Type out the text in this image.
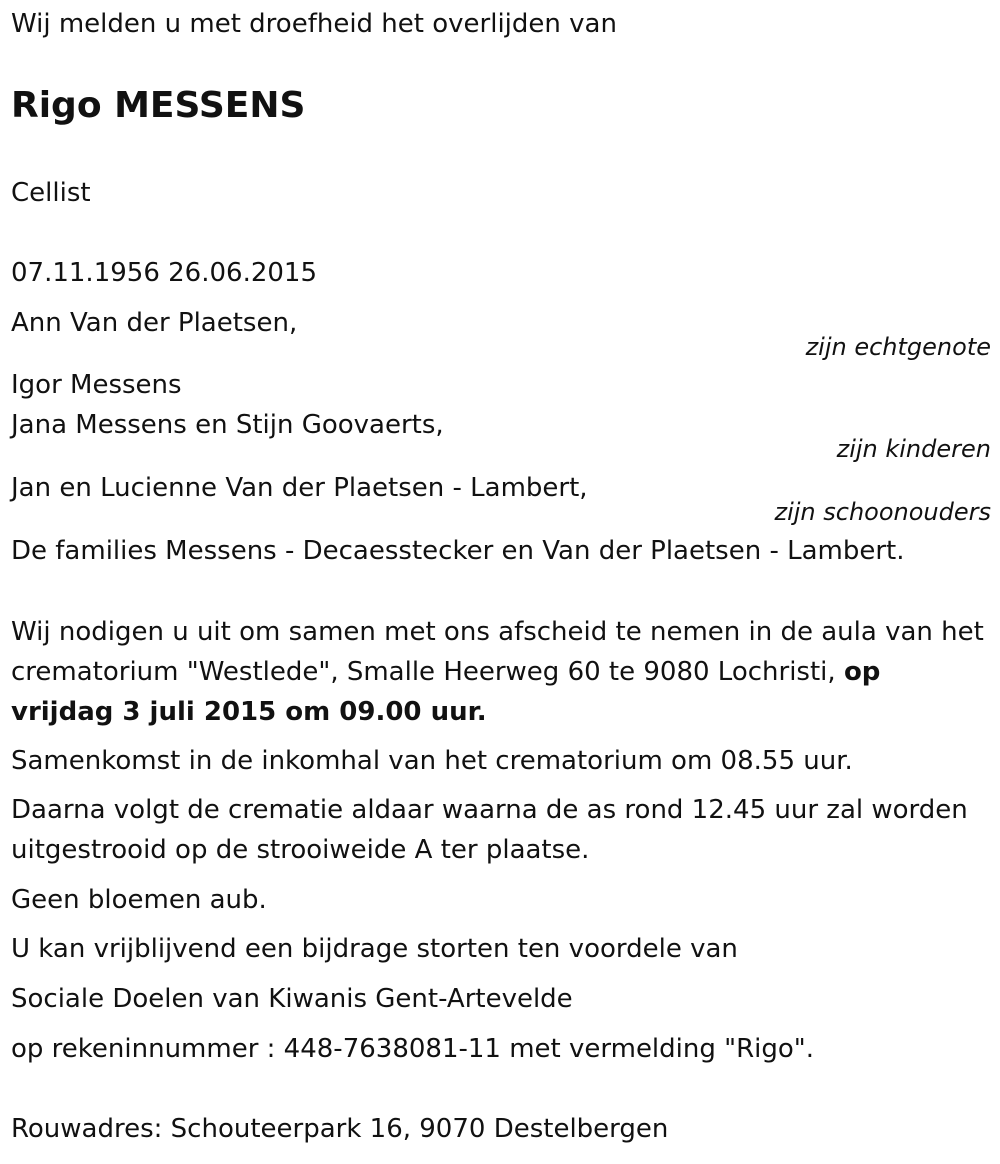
Wij melden u met droefheid het overlijden van
Rigo MESSENS
Cellist
07.11.1956 26.06.2015
Ann Van der Plaetsen,
zijn echtgenote
Igor Messens
Jana Messens en Stijn Goovaerts,
zijn kinderen
Jan en Lucienne Van der Plaetsen - Lambert,
zijn schoonouders
De families Messens - Decaesstecker en Van der Plaetsen - Lambert.
Wij nodigen u uit om samen met ons afscheid te nemen in de aula van het crematorium "Westlede", Smalle Heerweg 60 te 9080 Lochristi, op vrijdag 3 juli 2015 om 09.00 uur.
Samenkomst in de inkomhal van het crematorium om 08.55 uur.
Daarna volgt de crematie aldaar waarna de as rond 12.45 uur zal worden uitgestrooid op de strooiweide A ter plaatse.
Geen bloemen aub.
U kan vrijblijvend een bijdrage storten ten voordele van
Sociale Doelen van Kiwanis Gent-Artevelde
op rekeninnummer : 448-7638081-11 met vermelding "Rigo".
Rouwadres: Schouteerpark 16, 9070 Destelbergen
